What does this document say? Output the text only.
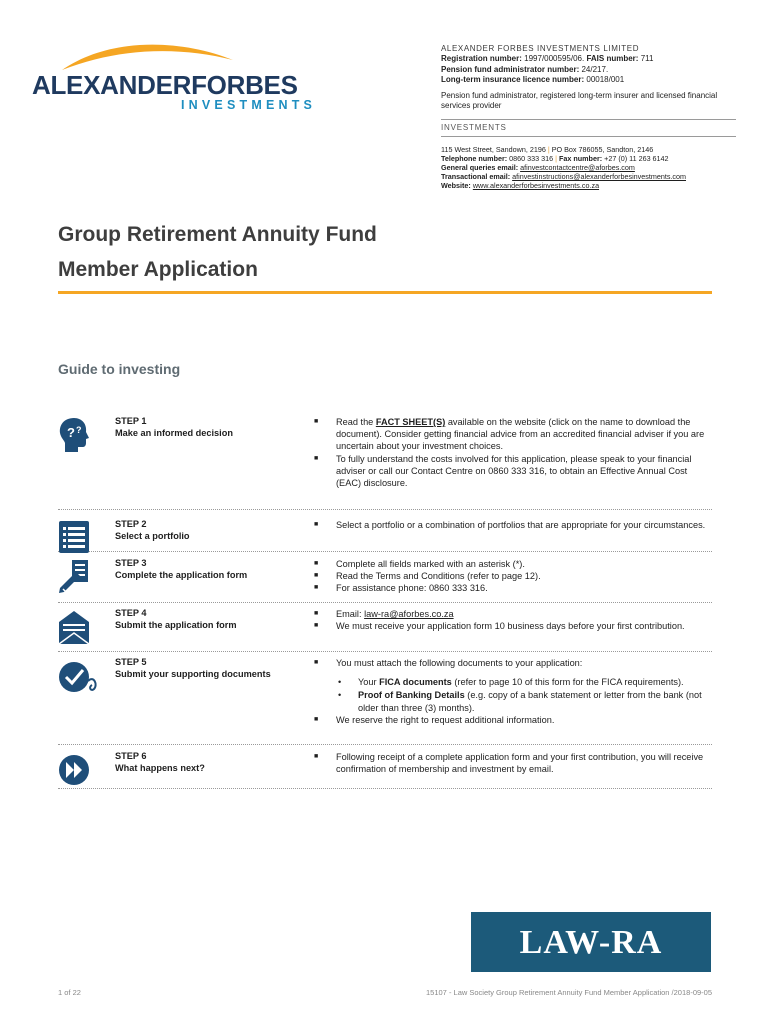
ALEXANDERFORBES
INVESTMENTS
ALEXANDER FORBES INVESTMENTS LIMITED
Registration number: 1997/000595/06. FAIS number: 711
Pension fund administrator number: 24/217.
Long-term insurance licence number: 00018/001
Pension fund administrator, registered long-term insurer and licensed financial services provider
INVESTMENTS
115 West Street, Sandown, 2196 | PO Box 786055, Sandton, 2146
Telephone number: 0860 333 316 | Fax number: +27 (0) 11 263 6142
General queries email: afinvestcontactcentre@aforbes.com
Transactional email: afinvestinstructions@alexanderforbesinvestments.com
Website: www.alexanderforbesinvestments.co.za
Group Retirement Annuity Fund
Member Application
Guide to investing
? ?
STEP 1
Make an informed decision
■ Read the FACT SHEET(S) available on the website (click on the name to download the document). Consider getting financial advice from an accredited financial adviser if you are uncertain about your investment choices.
■ To fully understand the costs involved for this application, please speak to your financial adviser or call our Contact Centre on 0860 333 316, to obtain an Effective Annual Cost (EAC) disclosure.
STEP 2
Select a portfolio
■ Select a portfolio or a combination of portfolios that are appropriate for your circumstances.
STEP 3
Complete the application form
■ Complete all fields marked with an asterisk (*).
■ Read the Terms and Conditions (refer to page 12).
■ For assistance phone: 0860 333 316.
STEP 4
Submit the application form
■ Email: law-ra@aforbes.co.za
■ We must receive your application form 10 business days before your first contribution.
STEP 5
Submit your supporting documents
■ You must attach the following documents to your application:
• Your FICA documents (refer to page 10 of this form for the FICA requirements).
• Proof of Banking Details (e.g. copy of a bank statement or letter from the bank (not older than three (3) months).
■ We reserve the right to request additional information.
STEP 6
What happens next?
■ Following receipt of a complete application form and your first contribution, you will receive confirmation of membership and investment by email.
LAW-RA
1 of 22	15107 - Law Society Group Retirement Annuity Fund Member Application /2018-09-05
